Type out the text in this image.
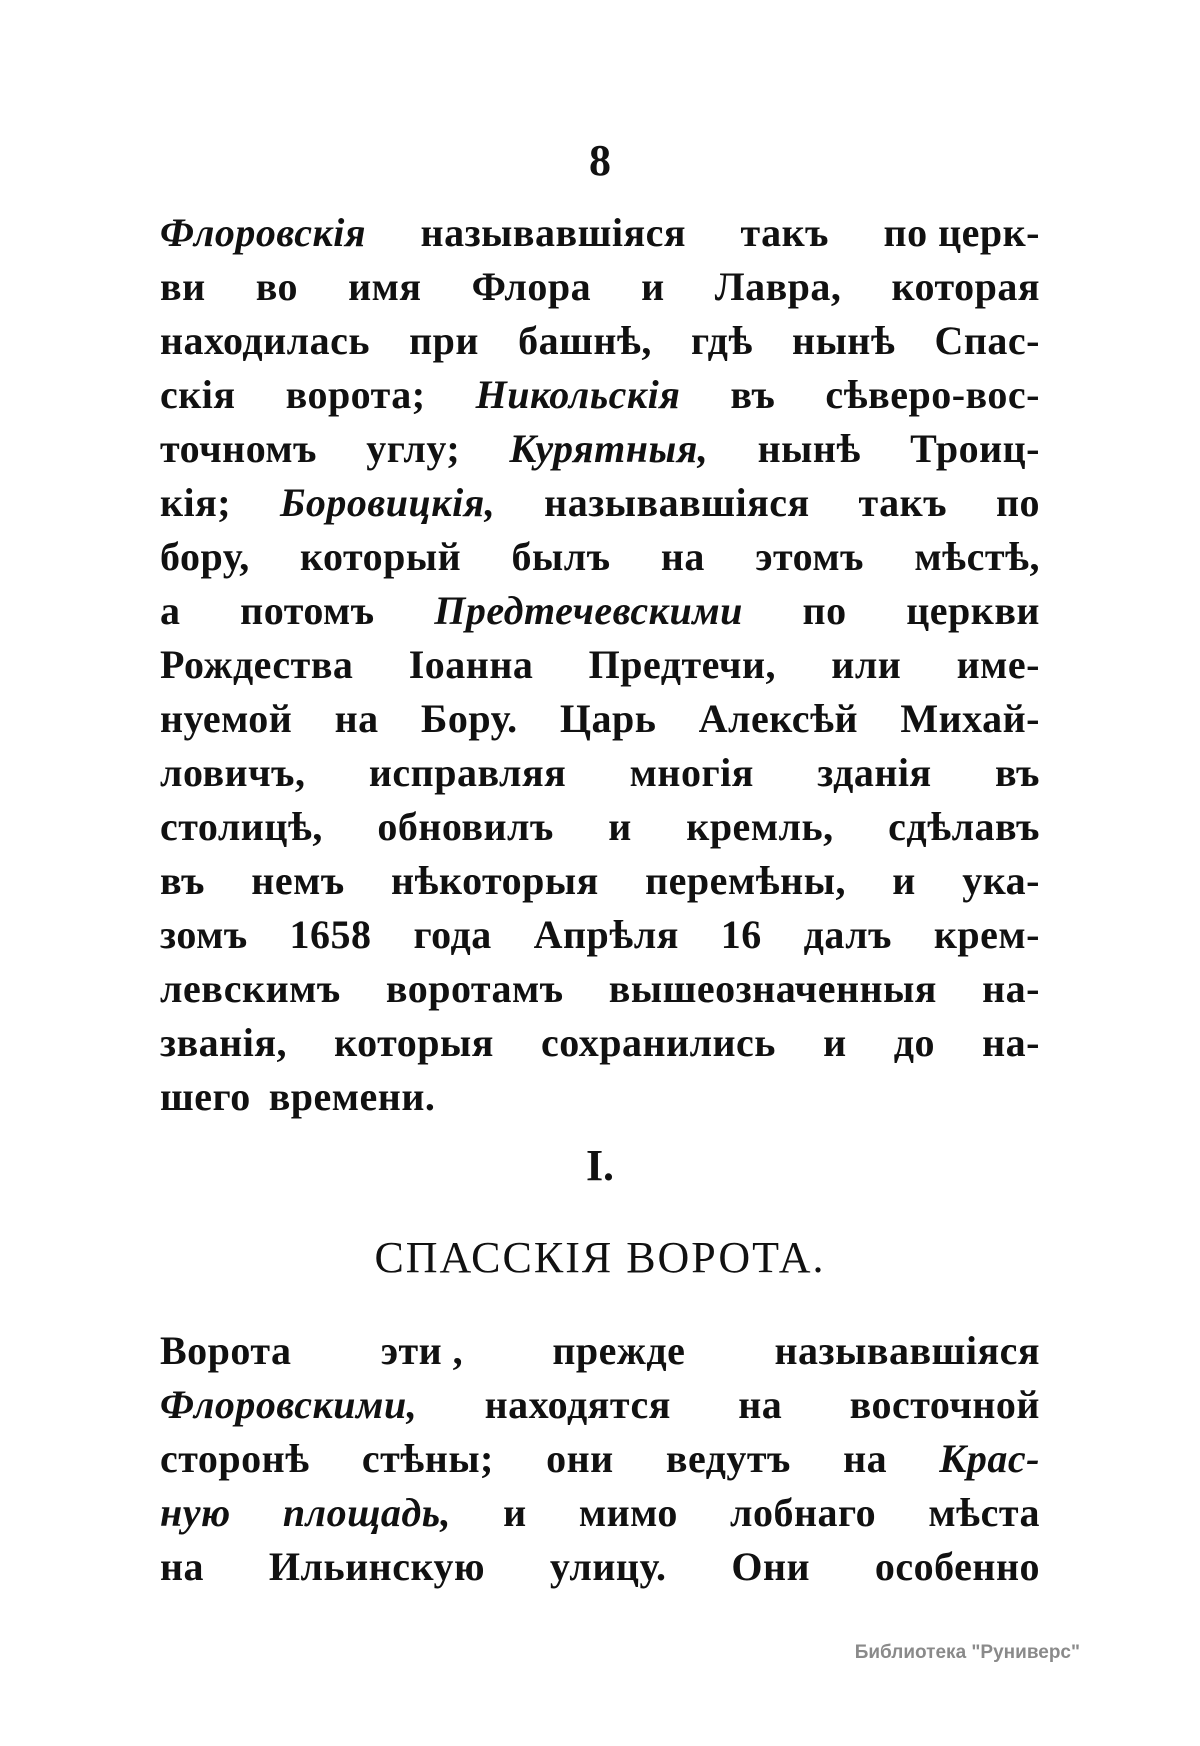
8
Флоровскія называвшіяся такъ по церк-
ви во имя Флора и Лавра, которая
находилась при башнѣ, гдѣ нынѣ Спас-
скія ворота; Никольскія въ сѣверо-вос-
точномъ углу; Курятныя, нынѣ Троиц-
кія; Боровицкія, называвшіяся такъ по
бору, который былъ на этомъ мѣстѣ,
а потомъ Предтечевскими по церкви
Рождества Іоанна Предтечи, или име-
нуемой на Бору. Царь Алексѣй Михай-
ловичъ, исправляя многія зданія въ
столицѣ, обновилъ и кремль, сдѣлавъ
въ немъ нѣкоторыя перемѣны, и ука-
зомъ 1658 года Апрѣля 16 далъ крем-
левскимъ воротамъ вышеозначенныя на-
званія, которыя сохранились и до на-
шего времени.
I.
СПАССКІЯ ВОРОТА.
Ворота эти , прежде называвшіяся
Флоровскими, находятся на восточной
сторонѣ стѣны; они ведутъ на Крас-
ную площадь, и мимо лобнаго мѣста
на Ильинскую улицу. Они особенно
Библиотека "Руниверс"
